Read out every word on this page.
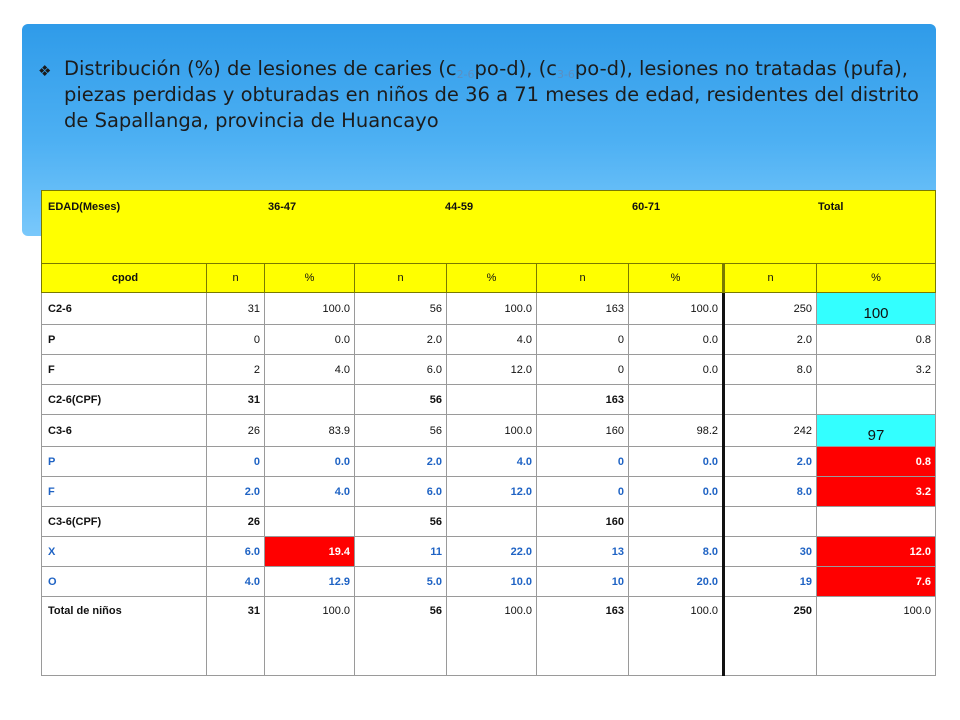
❖ Distribución (%) de lesiones de caries $(c_{2-6}po-d)$, $(c_{3-6}po-d)$, lesiones no tratadas (pufa), piezas perdidas y obturadas en niños de 36 a 71 meses de edad, residentes del distrito de Sapallanga, provincia de Huancayo
EDAD(Meses) 36-47 44-59 60-71 Total								

cpod	n	%	n	%	n	%	n	%
C2-6	31	100.0	56	100.0	163	100.0	250	100
P	0	0.0	2.0	4.0	0	0.0	2.0	0.8
F	2	4.0	6.0	12.0	0	0.0	8.0	3.2
C2-6(CPF)	31		56		163			
C3-6	26	83.9	56	100.0	160	98.2	242	97
P	0	0.0	2.0	4.0	0	0.0	2.0	0.8
F	2.0	4.0	6.0	12.0	0	0.0	8.0	3.2
C3-6(CPF)	26		56		160			
X	6.0	19.4	11	22.0	13	8.0	30	12.0
O	4.0	12.9	5.0	10.0	10	20.0	19	7.6
Total de niños	31	100.0	56	100.0	163	100.0	250	100.0
